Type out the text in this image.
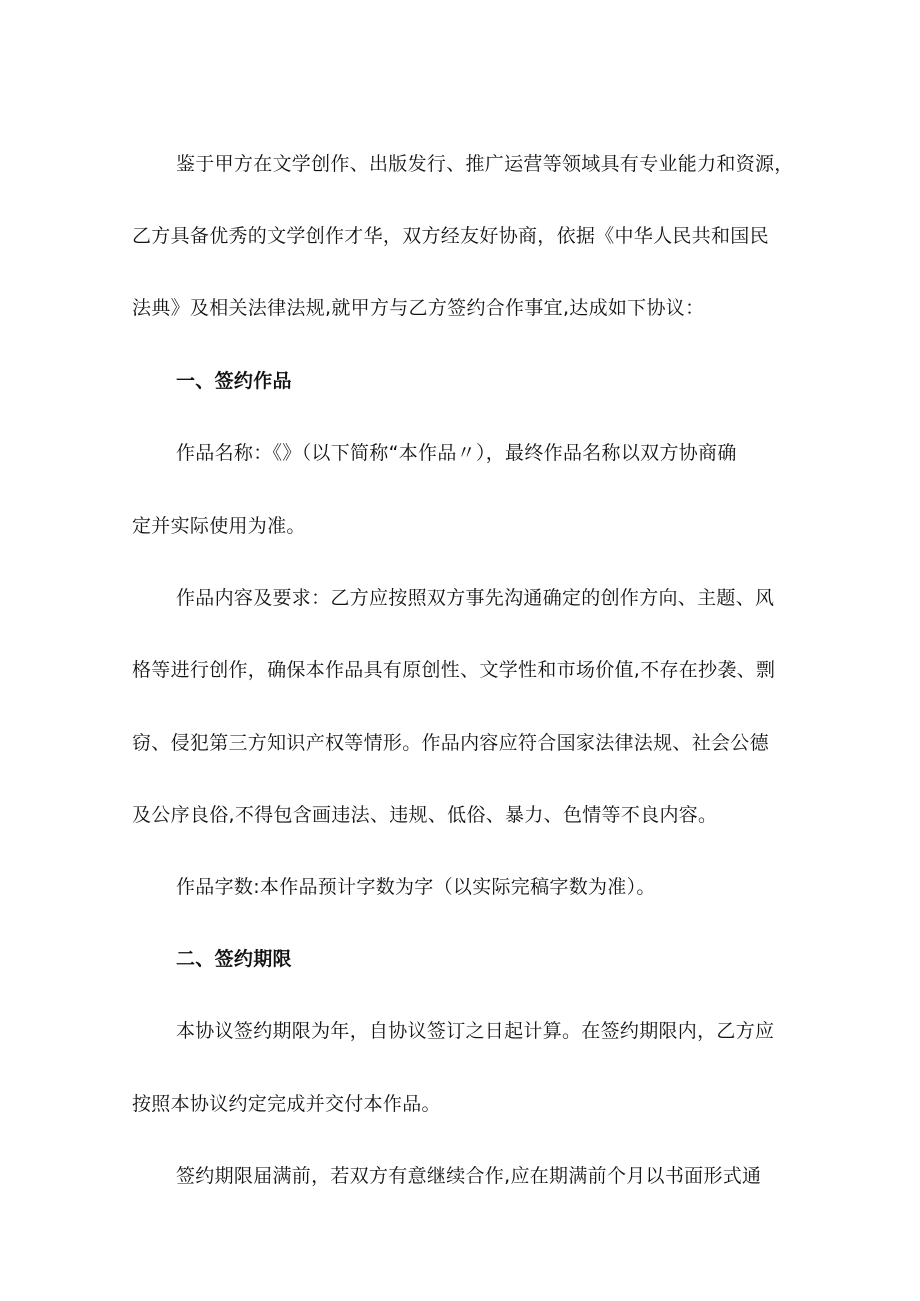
鉴于甲方在文学创作、出版发行、推广运营等领域具有专业能力和资源，
乙方具备优秀的文学创作才华，双方经友好协商，依据《中华人民共和国民
法典》及相关法律法规,就甲方与乙方签约合作事宜,达成如下协议：
一、签约作品
作品名称：《》（以下简称“本作品〃），最终作品名称以双方协商确
定并实际使用为准。
作品内容及要求：乙方应按照双方事先沟通确定的创作方向、主题、风
格等进行创作，确保本作品具有原创性、文学性和市场价值,不存在抄袭、剽
窃、侵犯第三方知识产权等情形。作品内容应符合国家法律法规、社会公德
及公序良俗,不得包含画违法、违规、低俗、暴力、色情等不良内容。
作品字数:本作品预计字数为字（以实际完稿字数为准）。
二、签约期限
本协议签约期限为年，自协议签订之日起计算。在签约期限内，乙方应
按照本协议约定完成并交付本作品。
签约期限届满前，若双方有意继续合作,应在期满前个月以书面形式通
